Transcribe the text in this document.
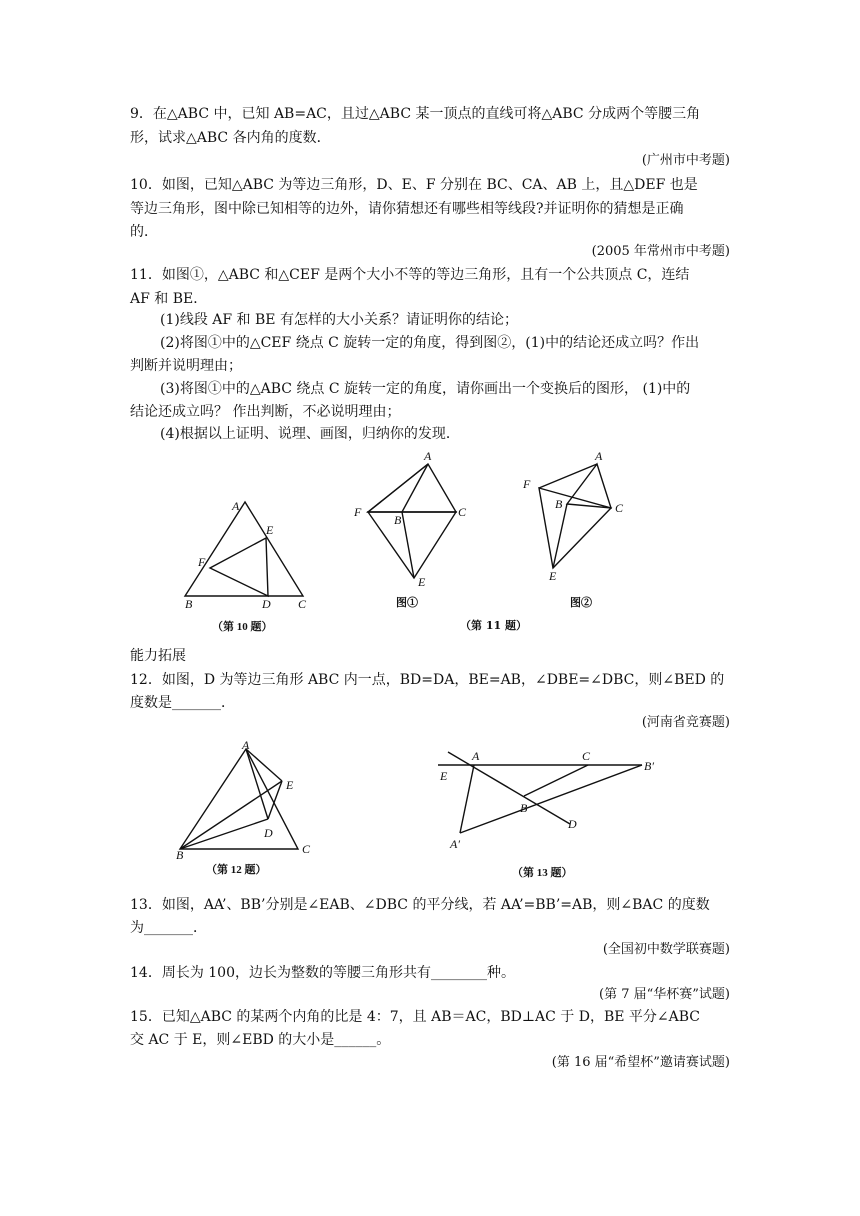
9．在△ABC 中，已知 AB=AC，且过△ABC 某一顶点的直线可将△ABC 分成两个等腰三角
形，试求△ABC 各内角的度数．
(广州市中考题)
10．如图，已知△ABC 为等边三角形，D、E、F 分别在 BC、CA、AB 上，且△DEF 也是
等边三角形，图中除已知相等的边外，请你猜想还有哪些相等线段?并证明你的猜想是正确
的．
(2005 年常州市中考题)
11．如图①，△ABC 和△CEF 是两个大小不等的等边三角形，且有一个公共顶点 C，连结
AF 和 BE．
(1)线段 AF 和 BE 有怎样的大小关系？请证明你的结论；
(2)将图①中的△CEF 绕点 C 旋转一定的角度，得到图②，(1)中的结论还成立吗？作出
判断并说明理由；
(3)将图①中的△ABC 绕点 C 旋转一定的角度，请你画出一个变换后的图形， (1)中的
结论还成立吗？ 作出判断，不必说明理由；
(4)根据以上证明、说理、画图，归纳你的发现．
A
B	C
D
E
F
（第 10 题）
A
B
C
E
F
图①
A
B	C
E
F
图②
（第 11 题）
能力拓展
12．如图，D 为等边三角形 ABC 内一点，BD=DA，BE=AB，∠DBE=∠DBC，则∠BED 的
度数是_______．
(河南省竞赛题)
A
B	C
D
E
（第 12 题）
A
B
C
D
E
A′
B′
（第 13 题）
13．如图，AA’、BB’分别是∠EAB、∠DBC 的平分线，若 AA’=BB’=AB，则∠BAC 的度数
为_______．
(全国初中数学联赛题)
14．周长为 100，边长为整数的等腰三角形共有________种。
(第 7 届“华杯赛”试题)
15．已知△ABC 的某两个内角的比是 4：7，且 AB＝AC，BD⊥AC 于 D，BE 平分∠ABC
交 AC 于 E，则∠EBD 的大小是______。
(第 16 届“希望杯”邀请赛试题)
